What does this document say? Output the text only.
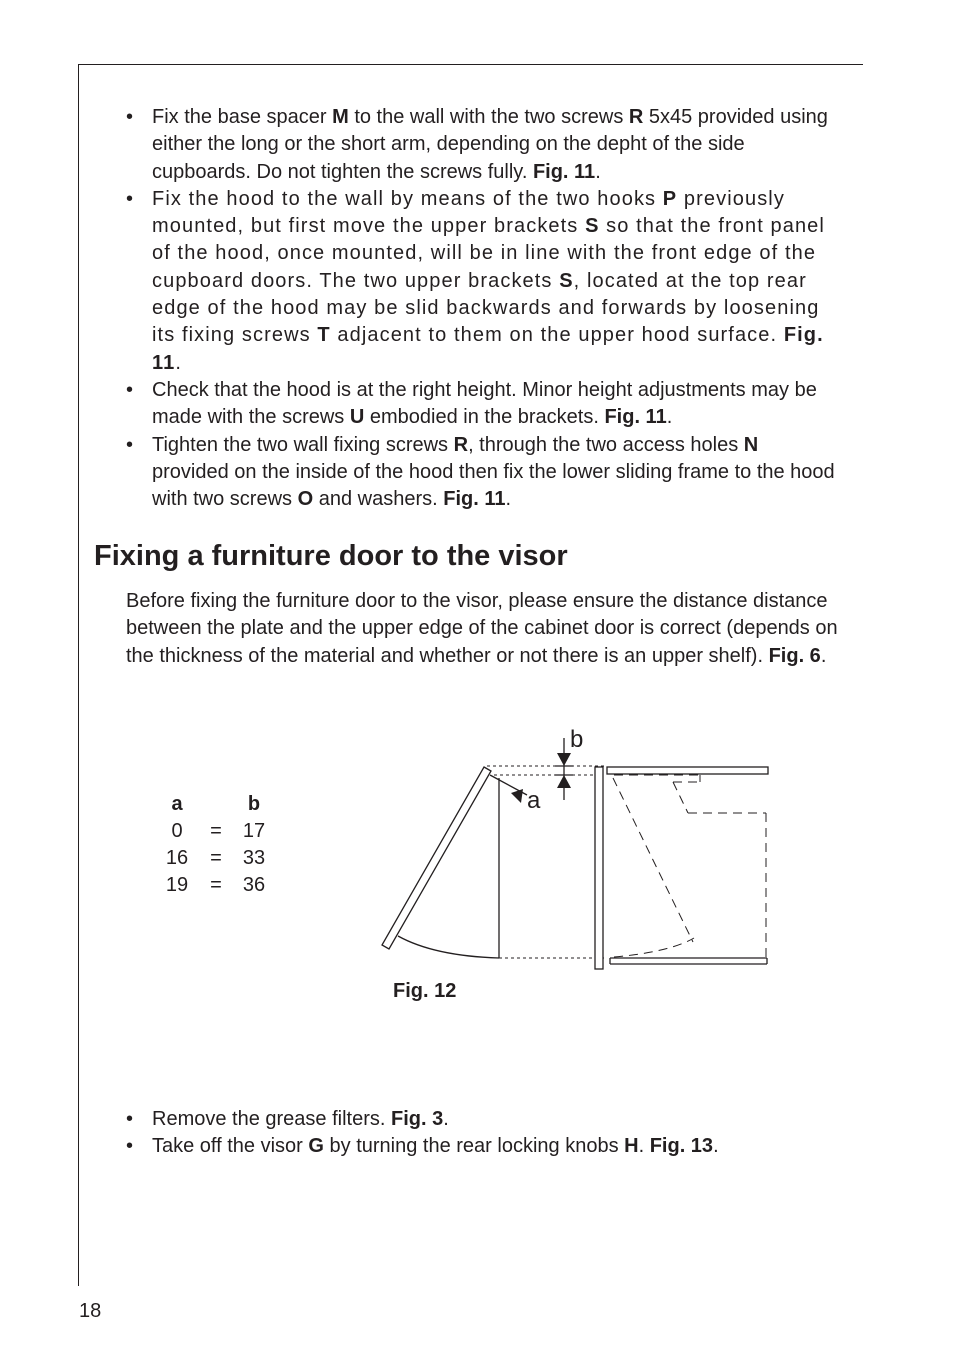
• Fix the base spacer M to the wall with the two screws R 5x45 provided using either the long or the short arm, depending on the depht of the side cupboards. Do not tighten the screws fully. Fig. 11.
• Fix the hood to the wall by means of the two hooks P previously mounted, but first move the upper brackets S so that the front panel of the hood, once mounted, will be in line with the front edge of the cupboard doors. The two upper brackets S, located at the top rear edge of the hood may be slid backwards and forwards by loosening its fixing screws T adjacent to them on the upper hood surface. Fig. 11.
• Check that the hood is at the right height. Minor height adjustments may be made with the screws U embodied in the brackets. Fig. 11.
• Tighten the two wall fixing screws R, through the two access holes N provided on the inside of the hood then fix the lower sliding frame to the hood with two screws O and washers. Fig. 11.
Fixing a furniture door to the visor

Before fixing the furniture door to the visor, please ensure the distance distance between the plate and the upper edge of the cabinet door is correct (depends on the thickness of the material and whether or not there is an upper shelf). Fig. 6.

a		b
0	=	17
16	=	33
19	=	36
a
b
Fig. 12
• Remove the grease filters. Fig. 3.
• Take off the visor G by turning the rear locking knobs H. Fig. 13.
18
